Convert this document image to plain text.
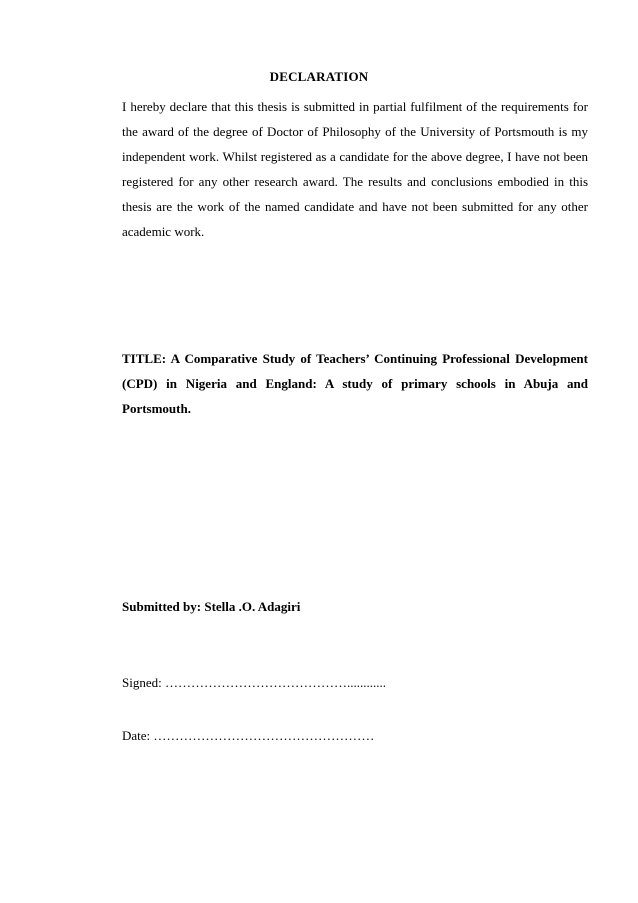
DECLARATION
I hereby declare that this thesis is submitted in partial fulfilment of the requirements for
the award of the degree of Doctor of Philosophy of the University of Portsmouth is my
independent work. Whilst registered as a candidate for the above degree, I have not been
registered for any other research award. The results and conclusions embodied in this
thesis are the work of the named candidate and have not been submitted for any other
academic work.
TITLE: A Comparative Study of Teachers’ Continuing Professional Development
(CPD) in Nigeria and England: A study of primary schools in Abuja and
Portsmouth.
Submitted by: Stella .O. Adagiri
Signed: ……………………………………............
Date: ……………………………………………
